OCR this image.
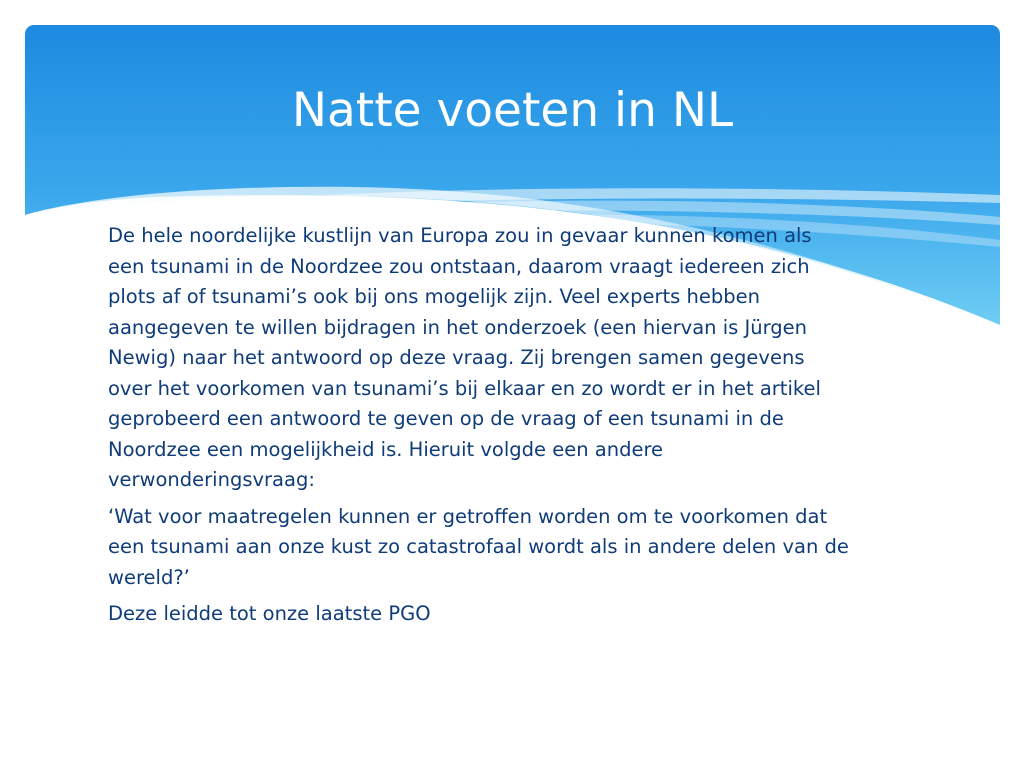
Natte voeten in NL

De hele noordelijke kustlijn van Europa zou in gevaar kunnen komen als
een tsunami in de Noordzee zou ontstaan, daarom vraagt iedereen zich
plots af of tsunami’s ook bij ons mogelijk zijn. Veel experts hebben
aangegeven te willen bijdragen in het onderzoek (een hiervan is Jürgen
Newig) naar het antwoord op deze vraag. Zij brengen samen gegevens
over het voorkomen van tsunami’s bij elkaar en zo wordt er in het artikel
geprobeerd een antwoord te geven op de vraag of een tsunami in de
Noordzee een mogelijkheid is. Hieruit volgde een andere
verwonderingsvraag:

‘Wat voor maatregelen kunnen er getroffen worden om te voorkomen dat
een tsunami aan onze kust zo catastrofaal wordt als in andere delen van de
wereld?’

Deze leidde tot onze laatste PGO
